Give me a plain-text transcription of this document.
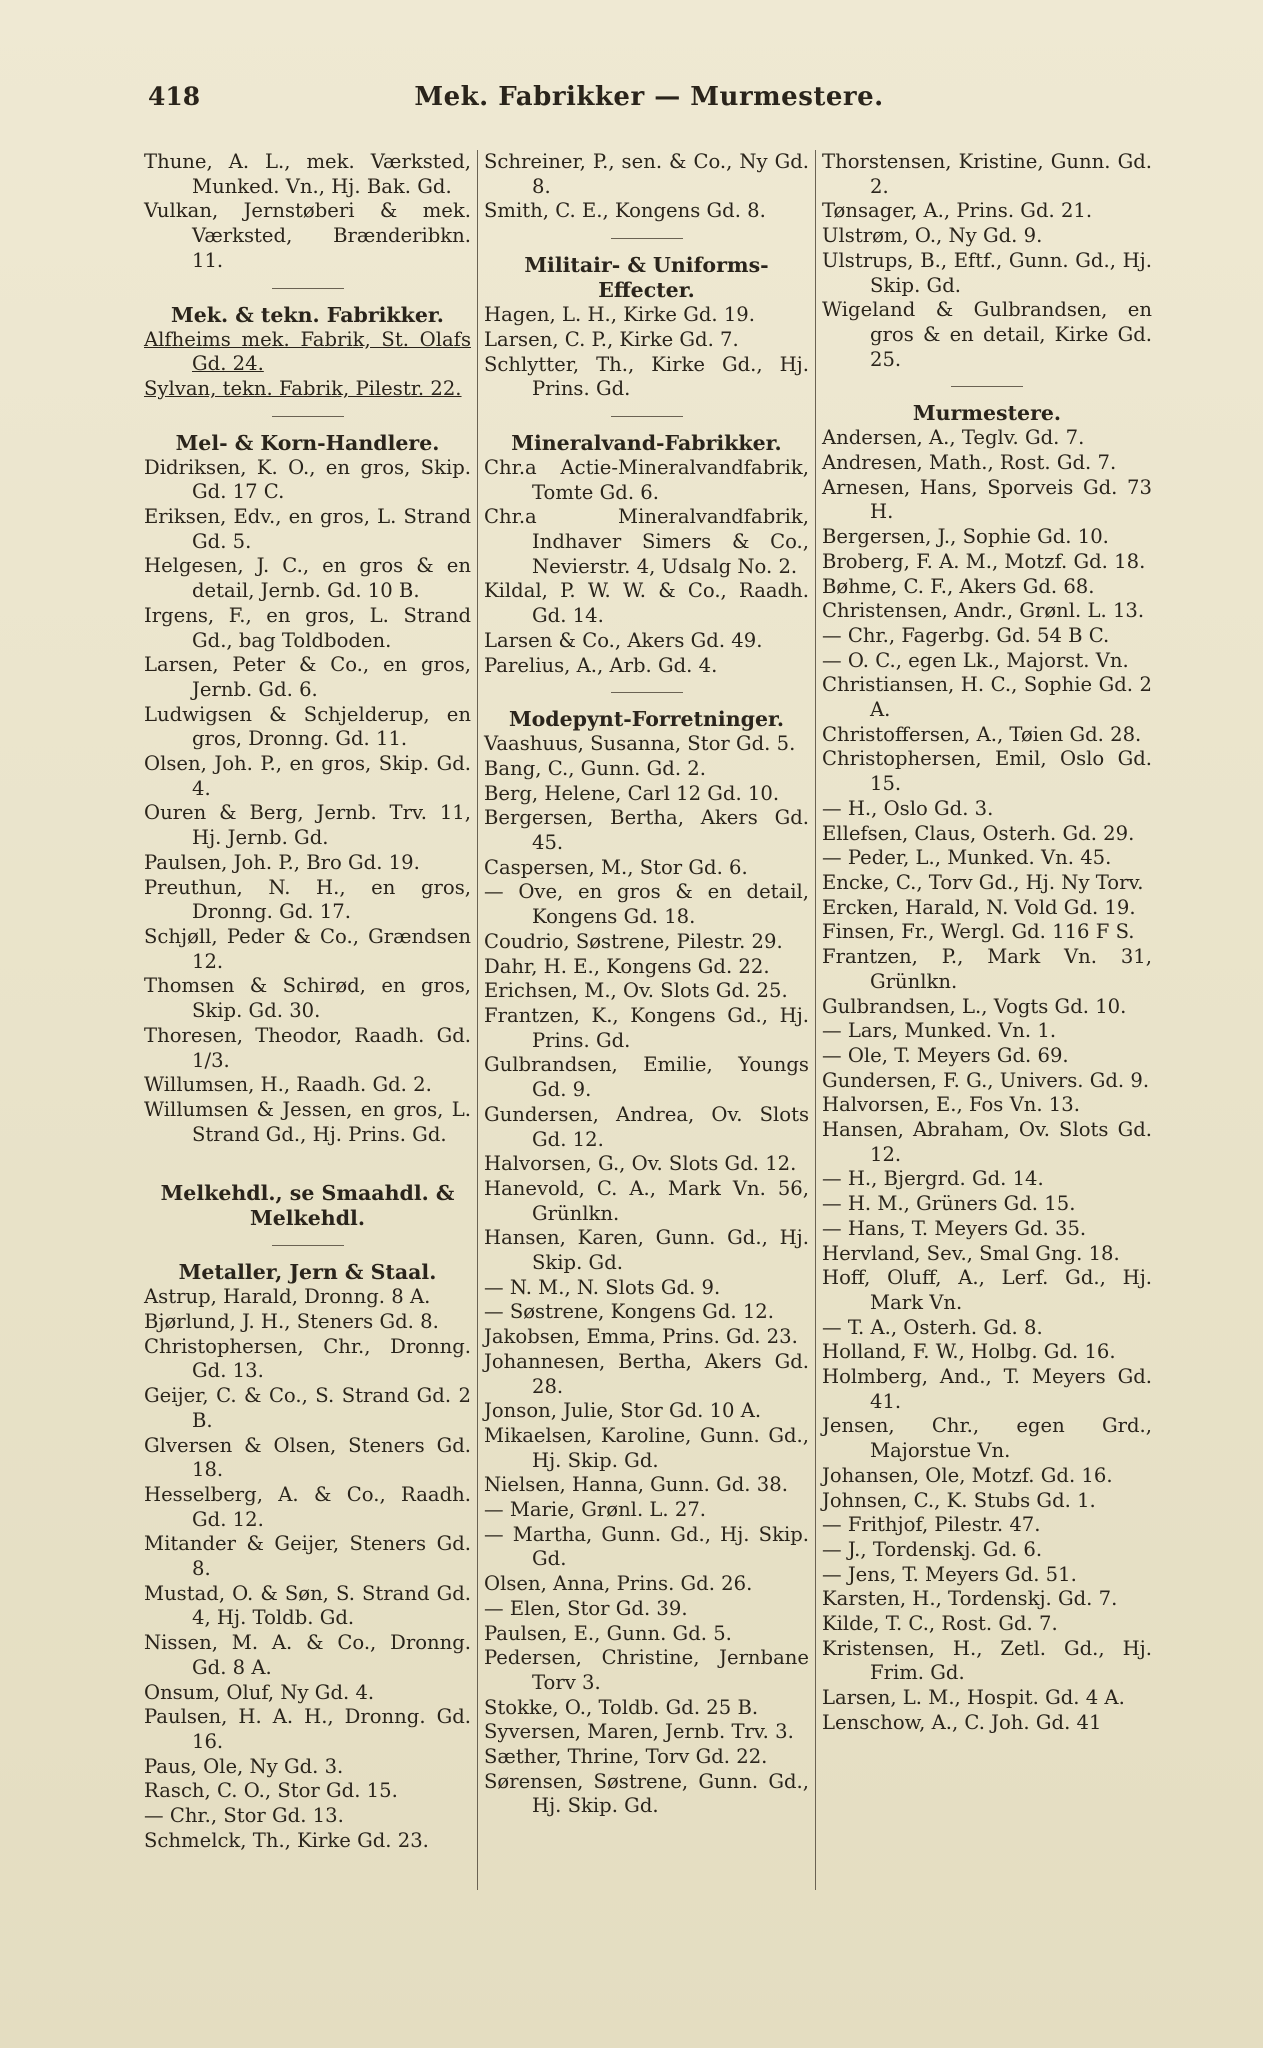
418	Mek. Fabrikker — Murmestere.
Thune, A. L., mek. Værksted, Munked. Vn., Hj. Bak. Gd.
Vulkan, Jernstøberi & mek. Værksted, Brænderibkn. 11.
Mek. & tekn. Fabrikker.
Alfheims mek. Fabrik, St. Olafs Gd. 24.
Sylvan, tekn. Fabrik, Pilestr. 22.
Mel- & Korn-Handlere.
Didriksen, K. O., en gros, Skip. Gd. 17 C.
Eriksen, Edv., en gros, L. Strand Gd. 5.
Helgesen, J. C., en gros & en detail, Jernb. Gd. 10 B.
Irgens, F., en gros, L. Strand Gd., bag Toldboden.
Larsen, Peter & Co., en gros, Jernb. Gd. 6.
Ludwigsen & Schjelderup, en gros, Dronng. Gd. 11.
Olsen, Joh. P., en gros, Skip. Gd. 4.
Ouren & Berg, Jernb. Trv. 11, Hj. Jernb. Gd.
Paulsen, Joh. P., Bro Gd. 19.
Preuthun, N. H., en gros, Dronng. Gd. 17.
Schjøll, Peder & Co., Grændsen 12.
Thomsen & Schirød, en gros, Skip. Gd. 30.
Thoresen, Theodor, Raadh. Gd. 1/3.
Willumsen, H., Raadh. Gd. 2.
Willumsen & Jessen, en gros, L. Strand Gd., Hj. Prins. Gd.
Melkehdl., se Smaahdl. & Melkehdl.
Metaller, Jern & Staal.
Astrup, Harald, Dronng. 8 A.
Bjørlund, J. H., Steners Gd. 8.
Christophersen, Chr., Dronng. Gd. 13.
Geijer, C. & Co., S. Strand Gd. 2 B.
Glversen & Olsen, Steners Gd. 18.
Hesselberg, A. & Co., Raadh. Gd. 12.
Mitander & Geijer, Steners Gd. 8.
Mustad, O. & Søn, S. Strand Gd. 4, Hj. Toldb. Gd.
Nissen, M. A. & Co., Dronng. Gd. 8 A.
Onsum, Oluf, Ny Gd. 4.
Paulsen, H. A. H., Dronng. Gd. 16.
Paus, Ole, Ny Gd. 3.
Rasch, C. O., Stor Gd. 15.
— Chr., Stor Gd. 13.
Schmelck, Th., Kirke Gd. 23.
Schreiner, P., sen. & Co., Ny Gd. 8.
Smith, C. E., Kongens Gd. 8.
Militair- & Uniforms-Effecter.
Hagen, L. H., Kirke Gd. 19.
Larsen, C. P., Kirke Gd. 7.
Schlytter, Th., Kirke Gd., Hj. Prins. Gd.
Mineralvand-Fabrikker.
Chr.a Actie-Mineralvandfabrik, Tomte Gd. 6.
Chr.a Mineralvandfabrik, Indhaver Simers & Co., Nevierstr. 4, Udsalg No. 2.
Kildal, P. W. W. & Co., Raadh. Gd. 14.
Larsen & Co., Akers Gd. 49.
Parelius, A., Arb. Gd. 4.
Modepynt-Forretninger.
Vaashuus, Susanna, Stor Gd. 5.
Bang, C., Gunn. Gd. 2.
Berg, Helene, Carl 12 Gd. 10.
Bergersen, Bertha, Akers Gd. 45.
Caspersen, M., Stor Gd. 6.
— Ove, en gros & en detail, Kongens Gd. 18.
Coudrio, Søstrene, Pilestr. 29.
Dahr, H. E., Kongens Gd. 22.
Erichsen, M., Ov. Slots Gd. 25.
Frantzen, K., Kongens Gd., Hj. Prins. Gd.
Gulbrandsen, Emilie, Youngs Gd. 9.
Gundersen, Andrea, Ov. Slots Gd. 12.
Halvorsen, G., Ov. Slots Gd. 12.
Hanevold, C. A., Mark Vn. 56, Grünlkn.
Hansen, Karen, Gunn. Gd., Hj. Skip. Gd.
— N. M., N. Slots Gd. 9.
— Søstrene, Kongens Gd. 12.
Jakobsen, Emma, Prins. Gd. 23.
Johannesen, Bertha, Akers Gd. 28.
Jonson, Julie, Stor Gd. 10 A.
Mikaelsen, Karoline, Gunn. Gd., Hj. Skip. Gd.
Nielsen, Hanna, Gunn. Gd. 38.
— Marie, Grønl. L. 27.
— Martha, Gunn. Gd., Hj. Skip. Gd.
Olsen, Anna, Prins. Gd. 26.
— Elen, Stor Gd. 39.
Paulsen, E., Gunn. Gd. 5.
Pedersen, Christine, Jernbane Torv 3.
Stokke, O., Toldb. Gd. 25 B.
Syversen, Maren, Jernb. Trv. 3.
Sæther, Thrine, Torv Gd. 22.
Sørensen, Søstrene, Gunn. Gd., Hj. Skip. Gd.
Thorstensen, Kristine, Gunn. Gd. 2.
Tønsager, A., Prins. Gd. 21.
Ulstrøm, O., Ny Gd. 9.
Ulstrups, B., Eftf., Gunn. Gd., Hj. Skip. Gd.
Wigeland & Gulbrandsen, en gros & en detail, Kirke Gd. 25.
Murmestere.
Andersen, A., Teglv. Gd. 7.
Andresen, Math., Rost. Gd. 7.
Arnesen, Hans, Sporveis Gd. 73 H.
Bergersen, J., Sophie Gd. 10.
Broberg, F. A. M., Motzf. Gd. 18.
Bøhme, C. F., Akers Gd. 68.
Christensen, Andr., Grønl. L. 13.
— Chr., Fagerbg. Gd. 54 B C.
— O. C., egen Lk., Majorst. Vn.
Christiansen, H. C., Sophie Gd. 2 A.
Christoffersen, A., Tøien Gd. 28.
Christophersen, Emil, Oslo Gd. 15.
— H., Oslo Gd. 3.
Ellefsen, Claus, Osterh. Gd. 29.
— Peder, L., Munked. Vn. 45.
Encke, C., Torv Gd., Hj. Ny Torv.
Ercken, Harald, N. Vold Gd. 19.
Finsen, Fr., Wergl. Gd. 116 F S.
Frantzen, P., Mark Vn. 31, Grünlkn.
Gulbrandsen, L., Vogts Gd. 10.
— Lars, Munked. Vn. 1.
— Ole, T. Meyers Gd. 69.
Gundersen, F. G., Univers. Gd. 9.
Halvorsen, E., Fos Vn. 13.
Hansen, Abraham, Ov. Slots Gd. 12.
— H., Bjergrd. Gd. 14.
— H. M., Grüners Gd. 15.
— Hans, T. Meyers Gd. 35.
Hervland, Sev., Smal Gng. 18.
Hoff, Oluff, A., Lerf. Gd., Hj. Mark Vn.
— T. A., Osterh. Gd. 8.
Holland, F. W., Holbg. Gd. 16.
Holmberg, And., T. Meyers Gd. 41.
Jensen, Chr., egen Grd., Majorstue Vn.
Johansen, Ole, Motzf. Gd. 16.
Johnsen, C., K. Stubs Gd. 1.
— Frithjof, Pilestr. 47.
— J., Tordenskj. Gd. 6.
— Jens, T. Meyers Gd. 51.
Karsten, H., Tordenskj. Gd. 7.
Kilde, T. C., Rost. Gd. 7.
Kristensen, H., Zetl. Gd., Hj. Frim. Gd.
Larsen, L. M., Hospit. Gd. 4 A.
Lenschow, A., C. Joh. Gd. 41
